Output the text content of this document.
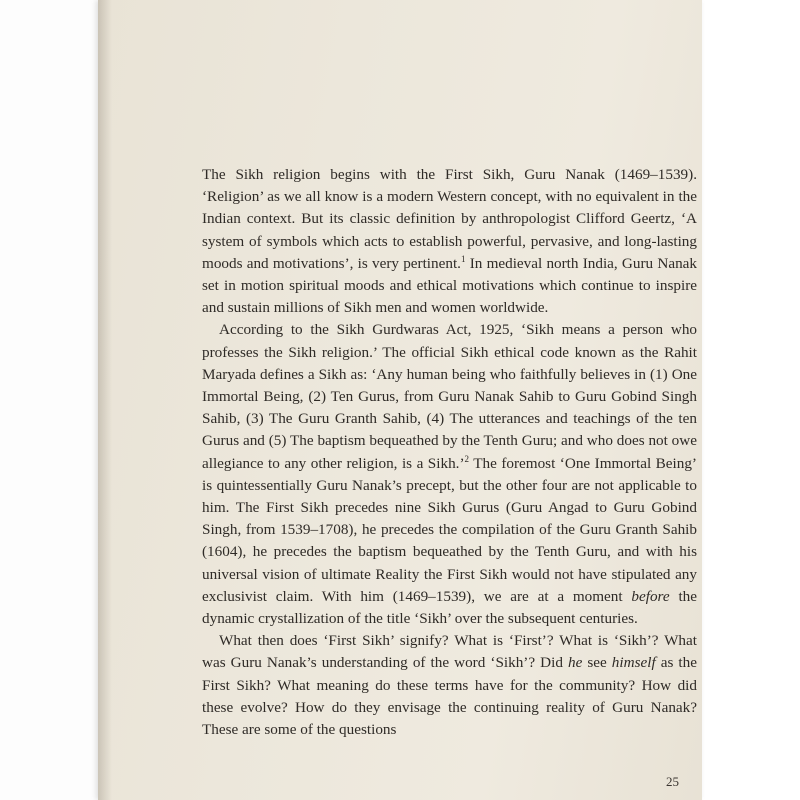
The Sikh religion begins with the First Sikh, Guru Nanak (1469–1539). ‘Religion’ as we all know is a modern Western concept, with no equivalent in the Indian context. But its classic definition by anthropologist Clifford Geertz, ‘A system of symbols which acts to establish powerful, pervasive, and long-lasting moods and motivations’, is very pertinent.$^1$ In medieval north India, Guru Nanak set in motion spiritual moods and ethical motivations which continue to inspire and sustain millions of Sikh men and women worldwide.

According to the Sikh Gurdwaras Act, 1925, ‘Sikh means a person who professes the Sikh religion.’ The official Sikh ethical code known as the Rahit Maryada defines a Sikh as: ‘Any human being who faithfully believes in (1) One Immortal Being, (2) Ten Gurus, from Guru Nanak Sahib to Guru Gobind Singh Sahib, (3) The Guru Granth Sahib, (4) The utterances and teachings of the ten Gurus and (5) The baptism bequeathed by the Tenth Guru; and who does not owe allegiance to any other religion, is a Sikh.’$^2$ The foremost ‘One Immortal Being’ is quintessentially Guru Nanak’s precept, but the other four are not applicable to him. The First Sikh precedes nine Sikh Gurus (Guru Angad to Guru Gobind Singh, from 1539–1708), he precedes the compilation of the Guru Granth Sahib (1604), he precedes the baptism bequeathed by the Tenth Guru, and with his universal vision of ultimate Reality the First Sikh would not have stipulated any exclusivist claim. With him (1469–1539), we are at a moment before the dynamic crystallization of the title ‘Sikh’ over the subsequent centuries.

What then does ‘First Sikh’ signify? What is ‘First’? What is ‘Sikh’? What was Guru Nanak’s understanding of the word ‘Sikh’? Did he see himself as the First Sikh? What meaning do these terms have for the community? How did these evolve? How do they envisage the continuing reality of Guru Nanak? These are some of the questions

25
